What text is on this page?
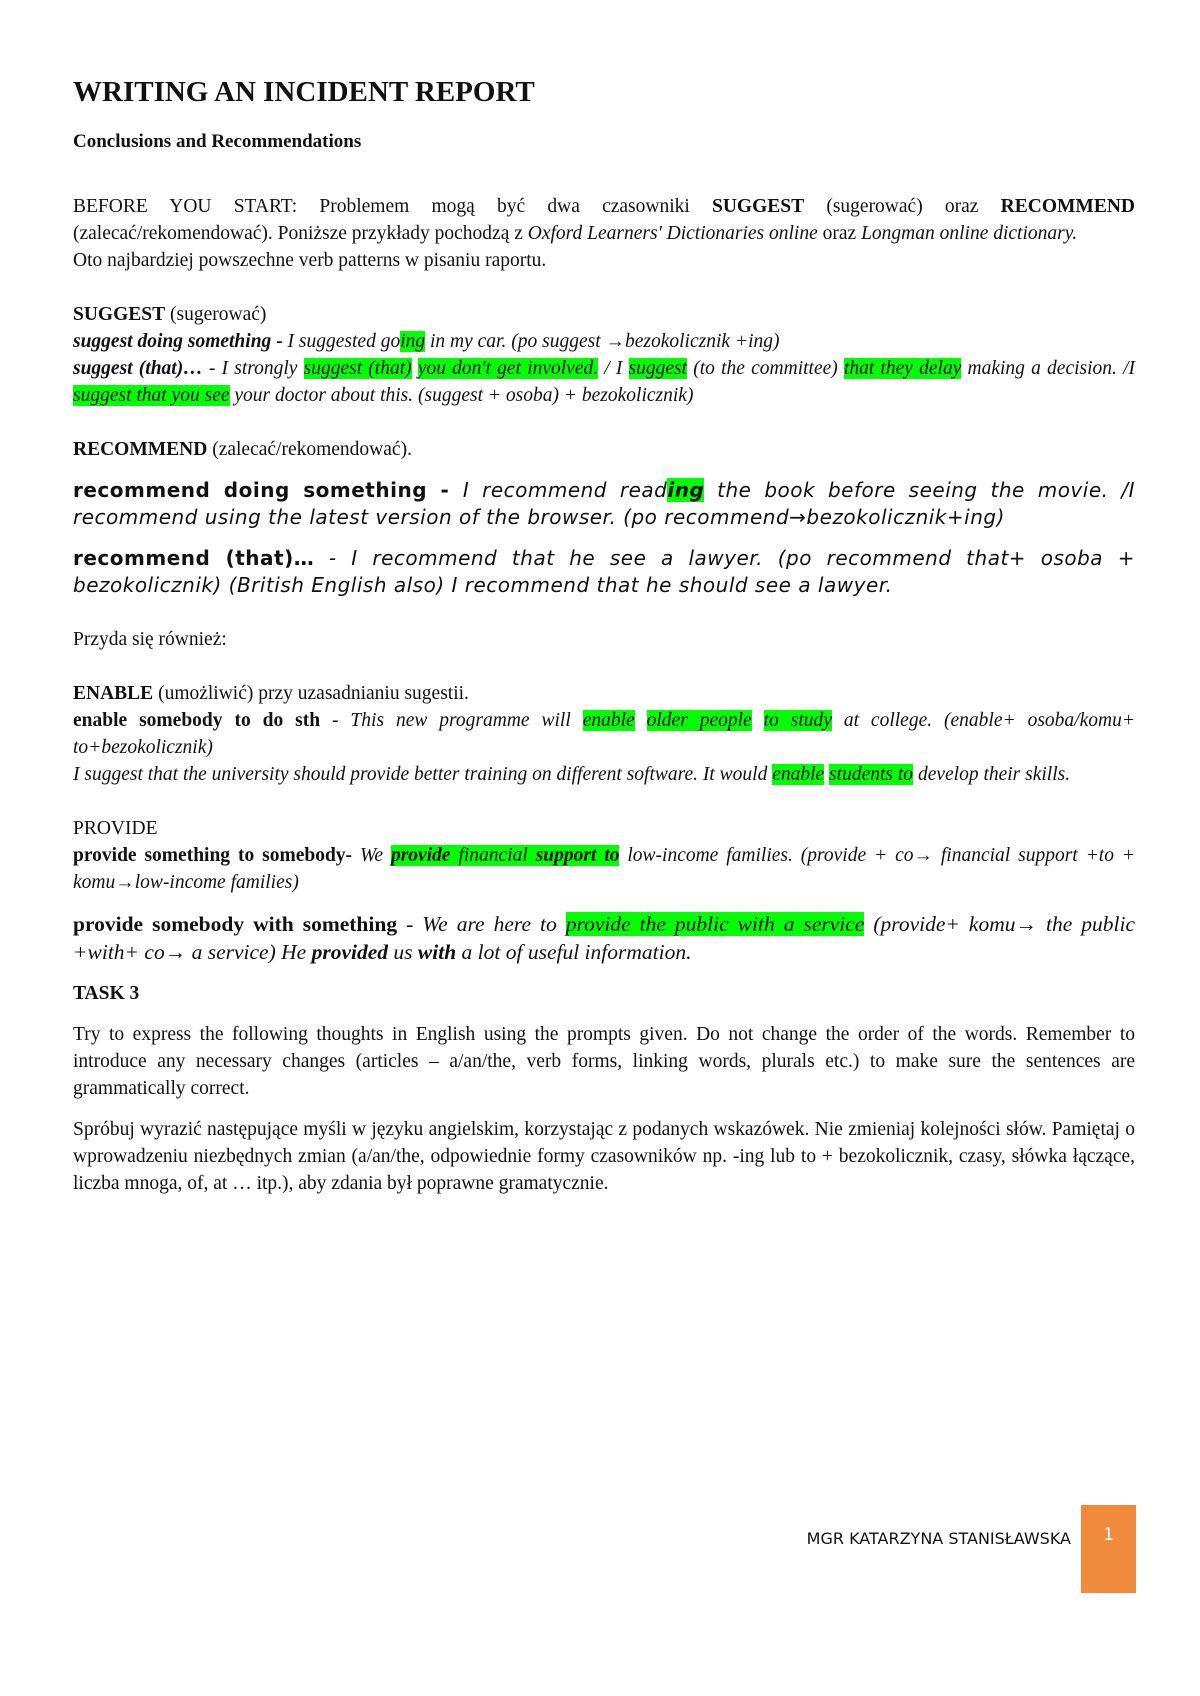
WRITING AN INCIDENT REPORT
Conclusions and Recommendations

BEFORE YOU START: Problemem mogą być dwa czasowniki SUGGEST (sugerować) oraz RECOMMEND (zalecać/rekomendować). Poniższe przykłady pochodzą z Oxford Learners' Dictionaries online oraz Longman online dictionary.

Oto najbardziej powszechne verb patterns w pisaniu raportu.

SUGGEST (sugerować)

suggest doing something - I suggested going in my car. (po suggest →bezokolicznik +ing)

suggest (that)… - I strongly suggest (that) you don't get involved. / I suggest (to the committee) that they delay making a decision. /I suggest that you see your doctor about this. (suggest + osoba) + bezokolicznik)

RECOMMEND (zalecać/rekomendować).

recommend doing something - I recommend reading the book before seeing the movie. /I recommend using the latest version of the browser. (po recommend→bezokolicznik+ing)

recommend (that)… - I recommend that he see a lawyer. (po recommend that+ osoba + bezokolicznik) (British English also) I recommend that he should see a lawyer.

Przyda się również:

ENABLE (umożliwić) przy uzasadnianiu sugestii.

enable somebody to do sth - This new programme will enable older people to study at college. (enable+ osoba/komu+ to+bezokolicznik)

I suggest that the university should provide better training on different software. It would enable students to develop their skills.

PROVIDE

provide something to somebody- We provide financial support to low-income families. (provide + co→ financial support +to + komu→low-income families)

provide somebody with something - We are here to provide the public with a service (provide+ komu→ the public +with+ co→ a service) He provided us with a lot of useful information.

TASK 3

Try to express the following thoughts in English using the prompts given. Do not change the order of the words. Remember to introduce any necessary changes (articles – a/an/the, verb forms, linking words, plurals etc.) to make sure the sentences are grammatically correct.

Spróbuj wyrazić następujące myśli w języku angielskim, korzystając z podanych wskazówek. Nie zmieniaj kolejności słów. Pamiętaj o wprowadzeniu niezbędnych zmian (a/an/the, odpowiednie formy czasowników np. -ing lub to + bezokolicznik, czasy, słówka łączące, liczba mnoga, of, at … itp.), aby zdania był poprawne gramatycznie.

MGR KATARZYNA STANISŁAWSKA	1
